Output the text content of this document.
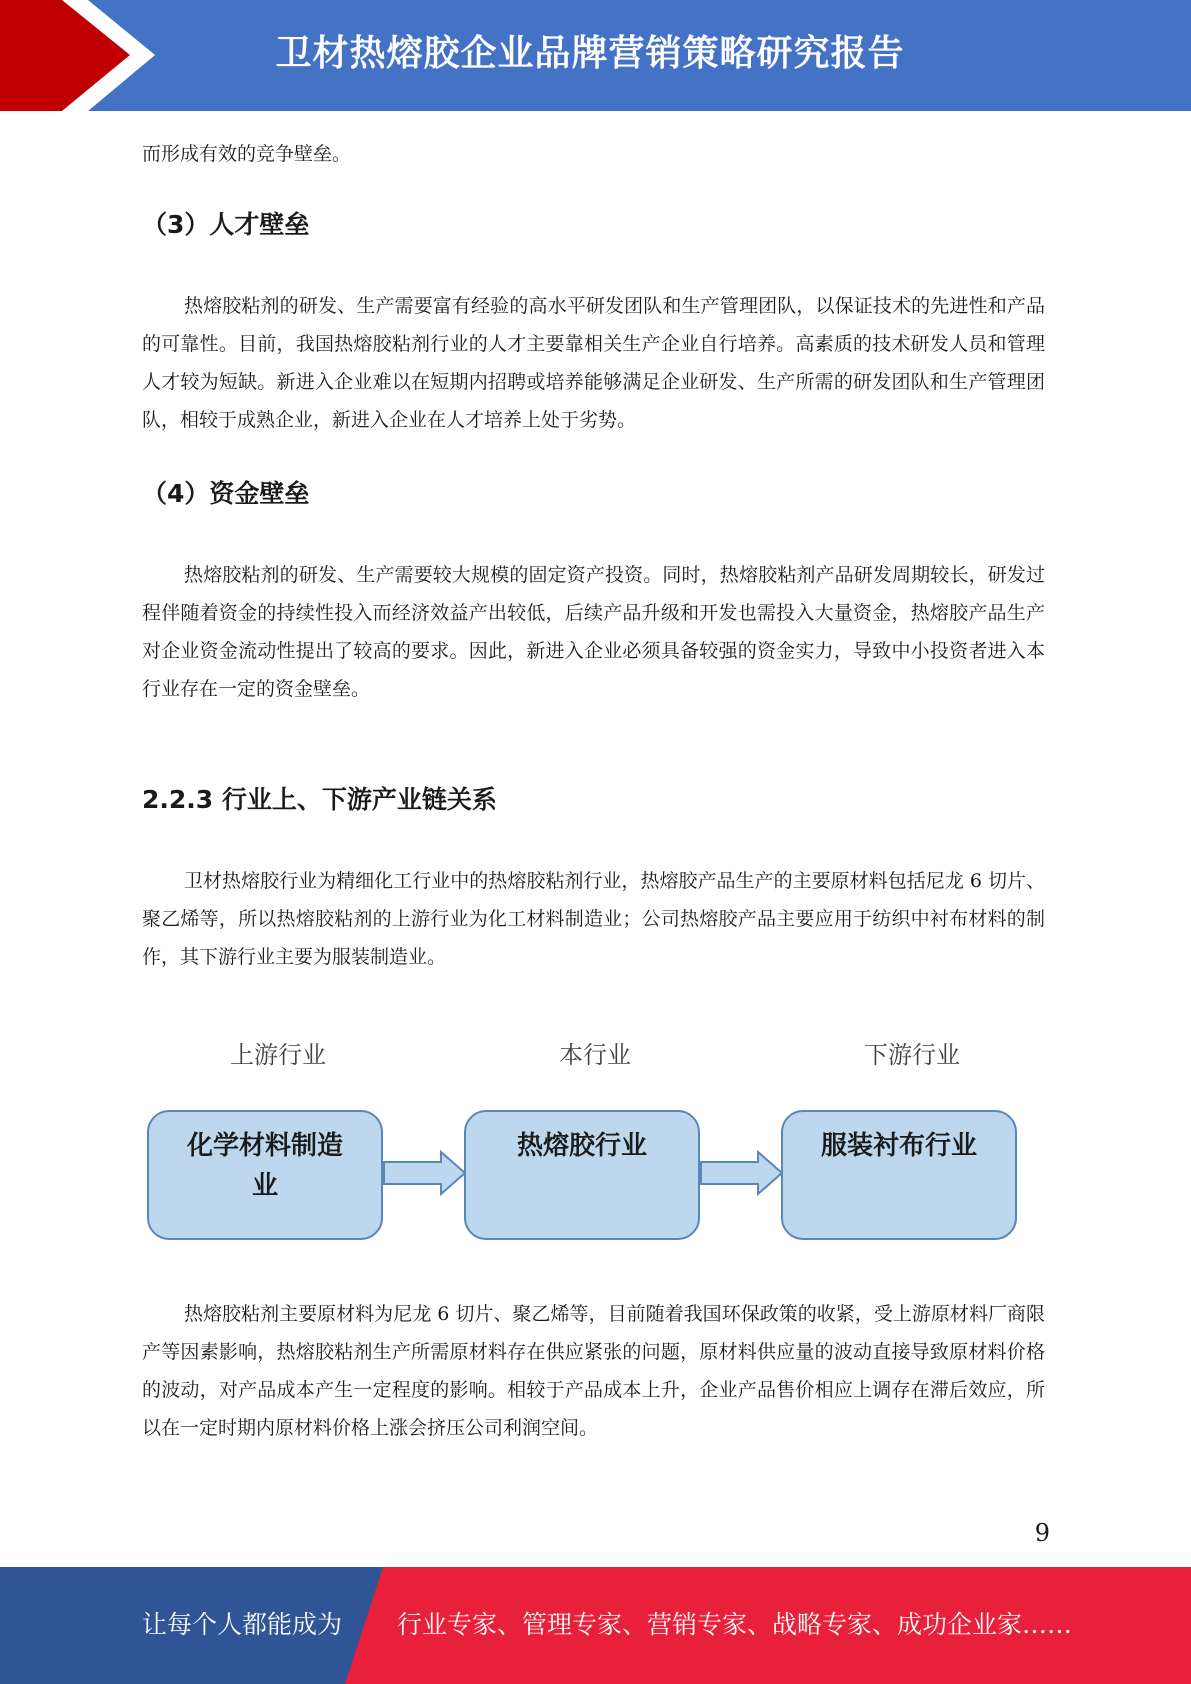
卫材热熔胶企业品牌营销策略研究报告

而形成有效的竞争壁垒。

（3）人才壁垒

热熔胶粘剂的研发、生产需要富有经验的高水平研发团队和生产管理团队，以保证技术的先进性和产品的可靠性。目前，我国热熔胶粘剂行业的人才主要靠相关生产企业自行培养。高素质的技术研发人员和管理人才较为短缺。新进入企业难以在短期内招聘或培养能够满足企业研发、生产所需的研发团队和生产管理团队，相较于成熟企业，新进入企业在人才培养上处于劣势。

（4）资金壁垒

热熔胶粘剂的研发、生产需要较大规模的固定资产投资。同时，热熔胶粘剂产品研发周期较长，研发过程伴随着资金的持续性投入而经济效益产出较低，后续产品升级和开发也需投入大量资金，热熔胶产品生产对企业资金流动性提出了较高的要求。因此，新进入企业必须具备较强的资金实力，导致中小投资者进入本行业存在一定的资金壁垒。

2.2.3 行业上、下游产业链关系

卫材热熔胶行业为精细化工行业中的热熔胶粘剂行业，热熔胶产品生产的主要原材料包括尼龙 6 切片、聚乙烯等，所以热熔胶粘剂的上游行业为化工材料制造业；公司热熔胶产品主要应用于纺织中衬布材料的制作，其下游行业主要为服装制造业。

上游行业	本行业	下游行业
化学材料制造
业
热熔胶行业	服装衬布行业

热熔胶粘剂主要原材料为尼龙 6 切片、聚乙烯等，目前随着我国环保政策的收紧，受上游原材料厂商限产等因素影响，热熔胶粘剂生产所需原材料存在供应紧张的问题，原材料供应量的波动直接导致原材料价格的波动，对产品成本产生一定程度的影响。相较于产品成本上升，企业产品售价相应上调存在滞后效应，所以在一定时期内原材料价格上涨会挤压公司利润空间。

9
让每个人都能成为 行业专家、管理专家、营销专家、战略专家、成功企业家……
